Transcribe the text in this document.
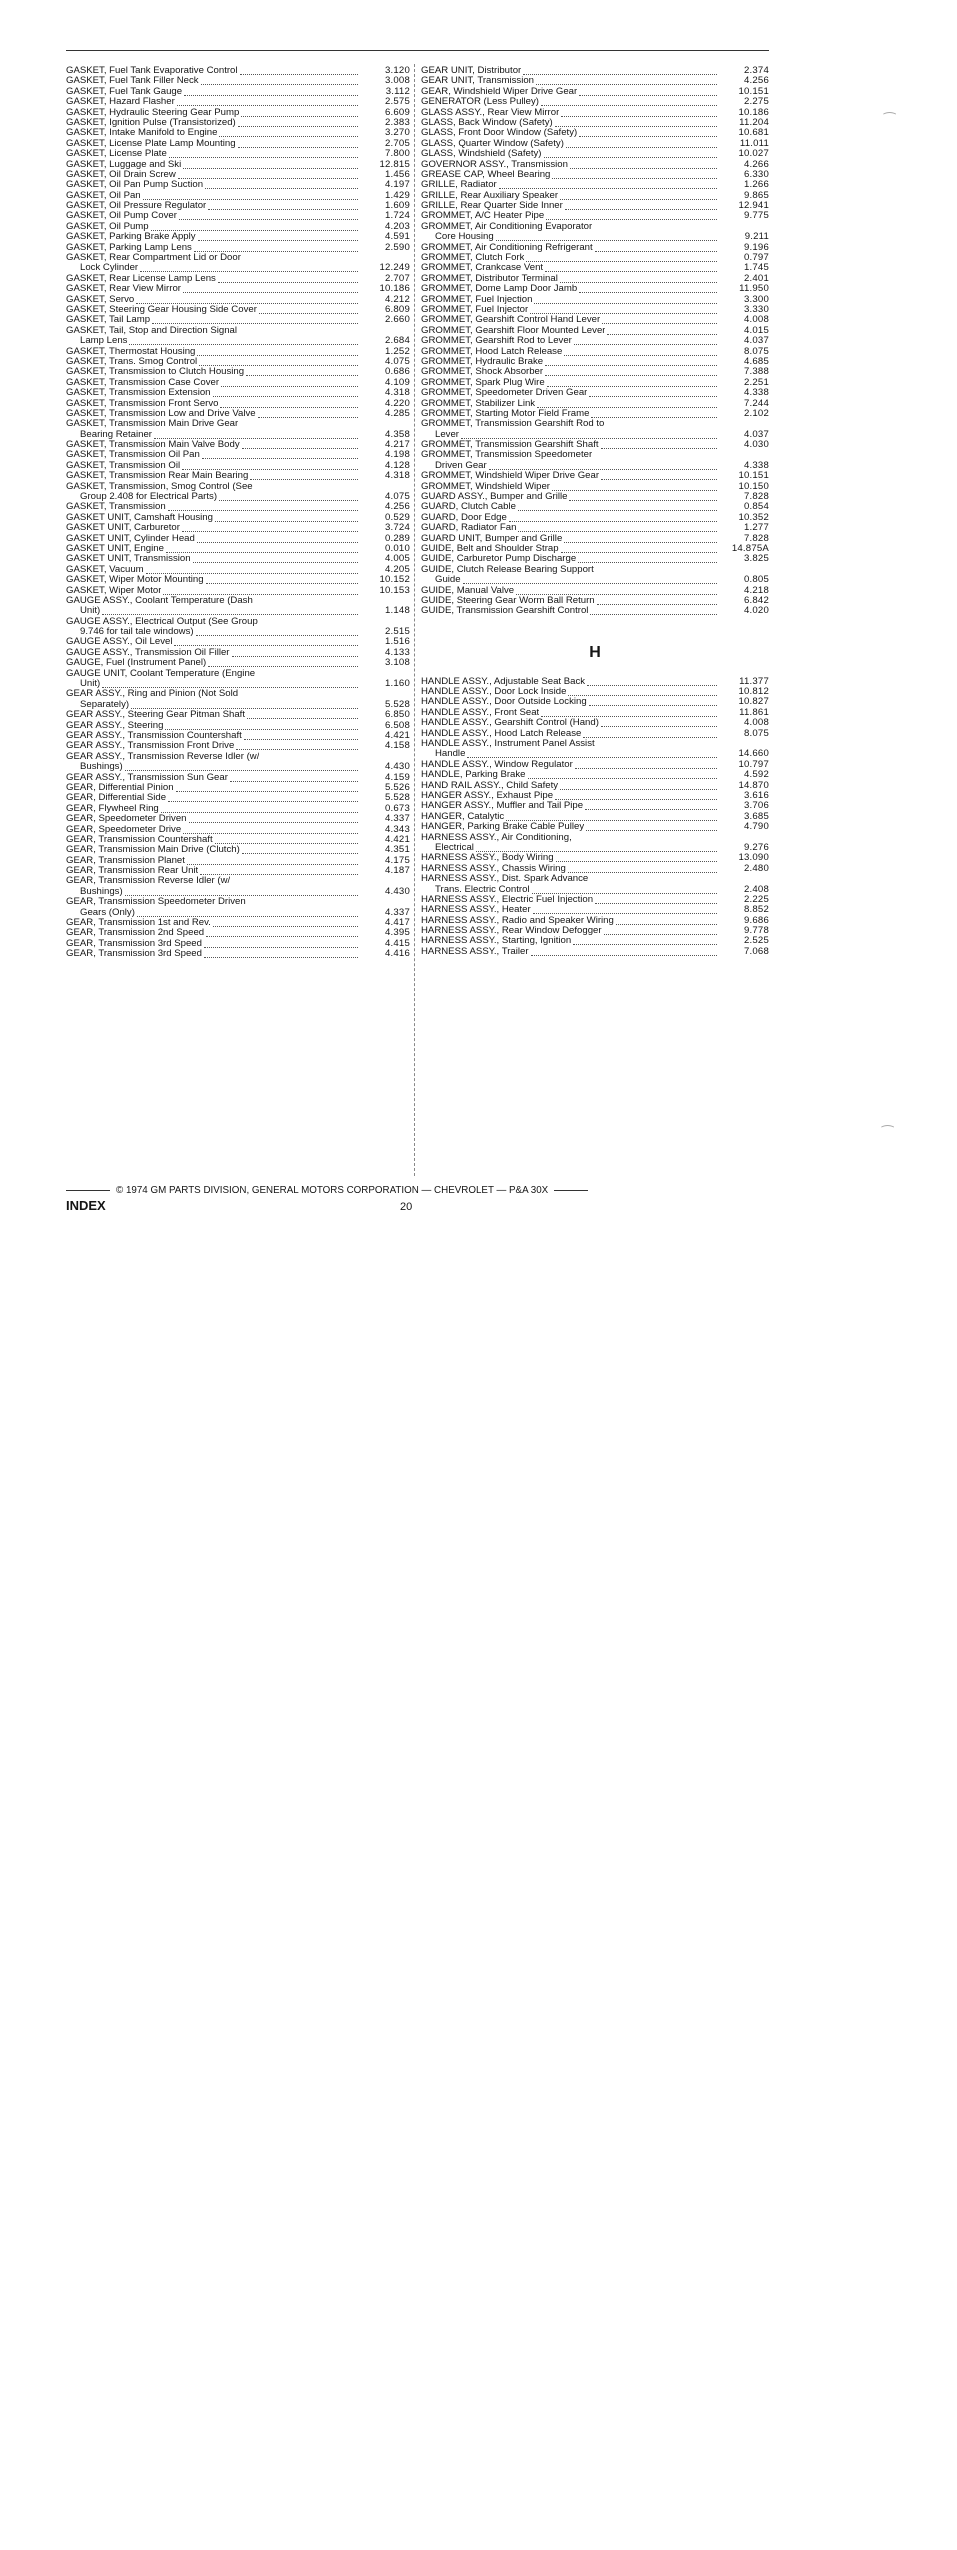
GASKET, Fuel Tank Evaporative Control	3.120
GASKET, Fuel Tank Filler Neck	3.008
GASKET, Fuel Tank Gauge	3.112
GASKET, Hazard Flasher	2.575
GASKET, Hydraulic Steering Gear Pump	6.609
GASKET, Ignition Pulse (Transistorized)	2.383
GASKET, Intake Manifold to Engine	3.270
GASKET, License Plate Lamp Mounting	2.705
GASKET, License Plate	7.800
GASKET, Luggage and Ski	12.815
GASKET, Oil Drain Screw	1.456
GASKET, Oil Pan Pump Suction	4.197
GASKET, Oil Pan	1.429
GASKET, Oil Pressure Regulator	1.609
GASKET, Oil Pump Cover	1.724
GASKET, Oil Pump	4.203
GASKET, Parking Brake Apply	4.591
GASKET, Parking Lamp Lens	2.590
GASKET, Rear Compartment Lid or Door
Lock Cylinder	12.249
GASKET, Rear License Lamp Lens	2.707
GASKET, Rear View Mirror	10.186
GASKET, Servo	4.212
GASKET, Steering Gear Housing Side Cover	6.809
GASKET, Tail Lamp	2.660
GASKET, Tail, Stop and Direction Signal
Lamp Lens	2.684
GASKET, Thermostat Housing	1.252
GASKET, Trans. Smog Control	4.075
GASKET, Transmission to Clutch Housing	0.686
GASKET, Transmission Case Cover	4.109
GASKET, Transmission Extension	4.318
GASKET, Transmission Front Servo	4.220
GASKET, Transmission Low and Drive Valve	4.285
GASKET, Transmission Main Drive Gear
Bearing Retainer	4.358
GASKET, Transmission Main Valve Body	4.217
GASKET, Transmission Oil Pan	4.198
GASKET, Transmission Oil	4.128
GASKET, Transmission Rear Main Bearing	4.318
GASKET, Transmission, Smog Control (See
Group 2.408 for Electrical Parts)	4.075
GASKET, Transmission	4.256
GASKET UNIT, Camshaft Housing	0.529
GASKET UNIT, Carburetor	3.724
GASKET UNIT, Cylinder Head	0.289
GASKET UNIT, Engine	0.010
GASKET UNIT, Transmission	4.005
GASKET, Vacuum	4.205
GASKET, Wiper Motor Mounting	10.152
GASKET, Wiper Motor	10.153
GAUGE ASSY., Coolant Temperature (Dash
Unit)	1.148
GAUGE ASSY., Electrical Output (See Group
9.746 for tail tale windows)	2.515
GAUGE ASSY., Oil Level	1.516
GAUGE ASSY., Transmission Oil Filler	4.133
GAUGE, Fuel (Instrument Panel)	3.108
GAUGE UNIT, Coolant Temperature (Engine
Unit)	1.160
GEAR ASSY., Ring and Pinion (Not Sold
Separately)	5.528
GEAR ASSY., Steering Gear Pitman Shaft	6.850
GEAR ASSY., Steering	6.508
GEAR ASSY., Transmission Countershaft	4.421
GEAR ASSY., Transmission Front Drive	4.158
GEAR ASSY., Transmission Reverse Idler (w/
Bushings)	4.430
GEAR ASSY., Transmission Sun Gear	4.159
GEAR, Differential Pinion	5.526
GEAR, Differential Side	5.528
GEAR, Flywheel Ring	0.673
GEAR, Speedometer Driven	4.337
GEAR, Speedometer Drive	4.343
GEAR, Transmission Countershaft	4.421
GEAR, Transmission Main Drive (Clutch)	4.351
GEAR, Transmission Planet	4.175
GEAR, Transmission Rear Unit	4.187
GEAR, Transmission Reverse Idler (w/
Bushings)	4.430
GEAR, Transmission Speedometer Driven
Gears (Only)	4.337
GEAR, Transmission 1st and Rev.	4.417
GEAR, Transmission 2nd Speed	4.395
GEAR, Transmission 3rd Speed	4.415
GEAR, Transmission 3rd Speed	4.416
GEAR UNIT, Distributor	2.374
GEAR UNIT, Transmission	4.256
GEAR, Windshield Wiper Drive Gear	10.151
GENERATOR (Less Pulley)	2.275
GLASS ASSY., Rear View Mirror	10.186
GLASS, Back Window (Safety)	11.204
GLASS, Front Door Window (Safety)	10.681
GLASS, Quarter Window (Safety)	11.011
GLASS, Windshield (Safety)	10.027
GOVERNOR ASSY., Transmission	4.266
GREASE CAP, Wheel Bearing	6.330
GRILLE, Radiator	1.266
GRILLE, Rear Auxiliary Speaker	9.865
GRILLE, Rear Quarter Side Inner	12.941
GROMMET, A/C Heater Pipe	9.775
GROMMET, Air Conditioning Evaporator
Core Housing	9.211
GROMMET, Air Conditioning Refrigerant	9.196
GROMMET, Clutch Fork	0.797
GROMMET, Crankcase Vent	1.745
GROMMET, Distributor Terminal	2.401
GROMMET, Dome Lamp Door Jamb	11.950
GROMMET, Fuel Injection	3.300
GROMMET, Fuel Injector	3.330
GROMMET, Gearshift Control Hand Lever	4.008
GROMMET, Gearshift Floor Mounted Lever	4.015
GROMMET, Gearshift Rod to Lever	4.037
GROMMET, Hood Latch Release	8.075
GROMMET, Hydraulic Brake	4.685
GROMMET, Shock Absorber	7.388
GROMMET, Spark Plug Wire	2.251
GROMMET, Speedometer Driven Gear	4.338
GROMMET, Stabilizer Link	7.244
GROMMET, Starting Motor Field Frame	2.102
GROMMET, Transmission Gearshift Rod to
Lever	4.037
GROMMET, Transmission Gearshift Shaft	4.030
GROMMET, Transmission Speedometer
Driven Gear	4.338
GROMMET, Windshield Wiper Drive Gear	10.151
GROMMET, Windshield Wiper	10.150
GUARD ASSY., Bumper and Grille	7.828
GUARD, Clutch Cable	0.854
GUARD, Door Edge	10.352
GUARD, Radiator Fan	1.277
GUARD UNIT, Bumper and Grille	7.828
GUIDE, Belt and Shoulder Strap	14.875A
GUIDE, Carburetor Pump Discharge	3.825
GUIDE, Clutch Release Bearing Support
Guide	0.805
GUIDE, Manual Valve	4.218
GUIDE, Steering Gear Worm Ball Return	6.842
GUIDE, Transmission Gearshift Control	4.020
H
HANDLE ASSY., Adjustable Seat Back	11.377
HANDLE ASSY., Door Lock Inside	10.812
HANDLE ASSY., Door Outside Locking	10.827
HANDLE ASSY., Front Seat	11.861
HANDLE ASSY., Gearshift Control (Hand)	4.008
HANDLE ASSY., Hood Latch Release	8.075
HANDLE ASSY., Instrument Panel Assist
Handle	14.660
HANDLE ASSY., Window Regulator	10.797
HANDLE, Parking Brake	4.592
HAND RAIL ASSY., Child Safety	14.870
HANGER ASSY., Exhaust Pipe	3.616
HANGER ASSY., Muffler and Tail Pipe	3.706
HANGER, Catalytic	3.685
HANGER, Parking Brake Cable Pulley	4.790
HARNESS ASSY., Air Conditioning,
Electrical	9.276
HARNESS ASSY., Body Wiring	13.090
HARNESS ASSY., Chassis Wiring	2.480
HARNESS ASSY., Dist. Spark Advance
Trans. Electric Control	2.408
HARNESS ASSY., Electric Fuel Injection	2.225
HARNESS ASSY., Heater	8.852
HARNESS ASSY., Radio and Speaker Wiring	9.686
HARNESS ASSY., Rear Window Defogger	9.778
HARNESS ASSY., Starting, Ignition	2.525
HARNESS ASSY., Trailer	7.068
© 1974 GM PARTS DIVISION, GENERAL MOTORS CORPORATION — CHEVROLET — P&A 30X
INDEX	20
⁀
⁀
